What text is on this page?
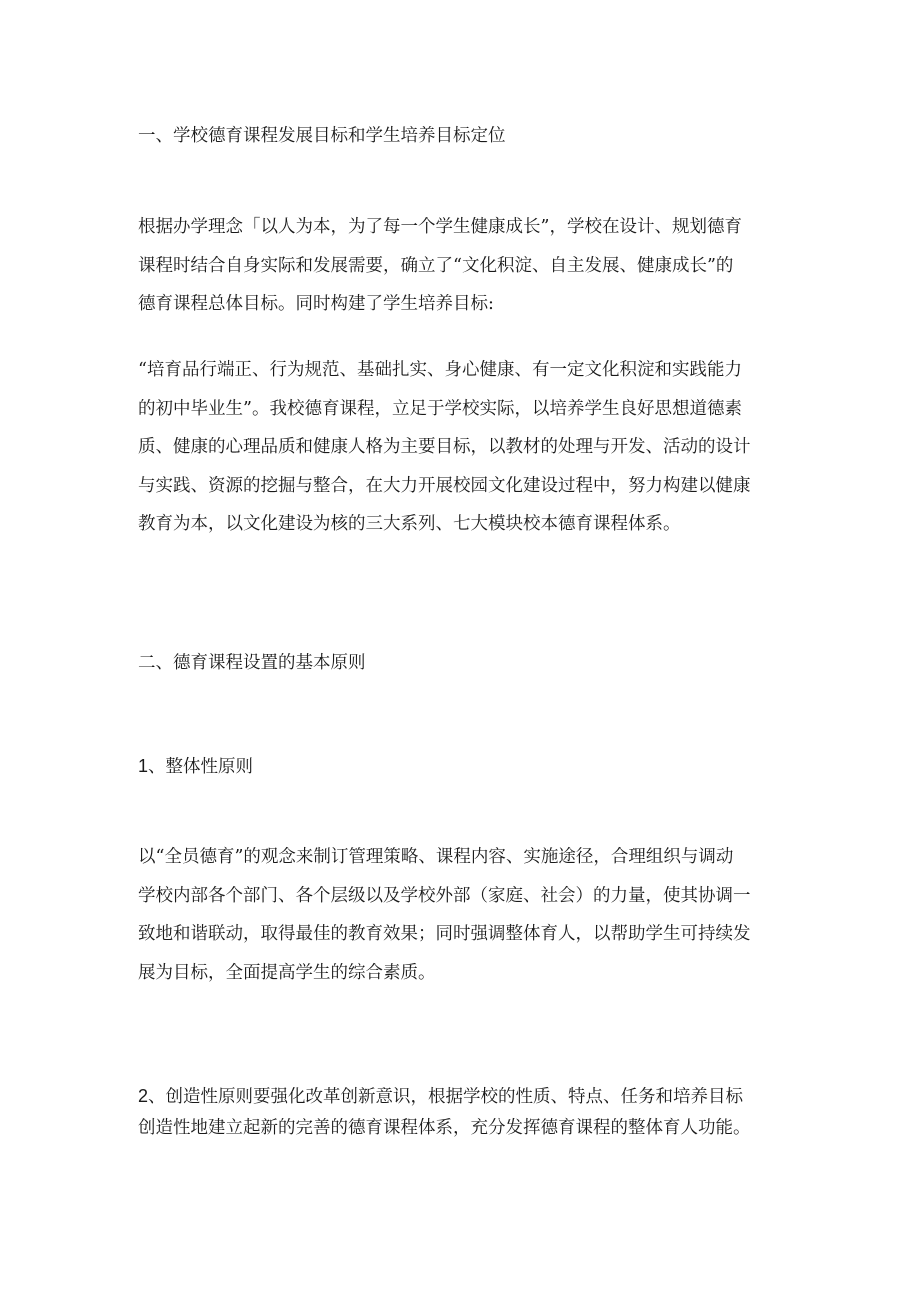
一、学校德育课程发展目标和学生培养目标定位
根据办学理念「以人为本，为了每一个学生健康成长”，学校在设计、规划德育
课程时结合自身实际和发展需要，确立了“文化积淀、自主发展、健康成长”的
德育课程总体目标。同时构建了学生培养目标:
“培育品行端正、行为规范、基础扎实、身心健康、有一定文化积淀和实践能力
的初中毕业生”。我校德育课程，立足于学校实际，以培养学生良好思想道德素
质、健康的心理品质和健康人格为主要目标，以教材的处理与开发、活动的设计
与实践、资源的挖掘与整合，在大力开展校园文化建设过程中，努力构建以健康
教育为本，以文化建设为核的三大系列、七大模块校本德育课程体系。
二、德育课程设置的基本原则
1、整体性原则
以“全员德育”的观念来制订管理策略、课程内容、实施途径，合理组织与调动
学校内部各个部门、各个层级以及学校外部（家庭、社会）的力量，使其协调一
致地和谐联动，取得最佳的教育效果；同时强调整体育人，以帮助学生可持续发
展为目标，全面提高学生的综合素质。
2、创造性原则要强化改革创新意识，根据学校的性质、特点、任务和培养目标
创造性地建立起新的完善的德育课程体系，充分发挥德育课程的整体育人功能。
